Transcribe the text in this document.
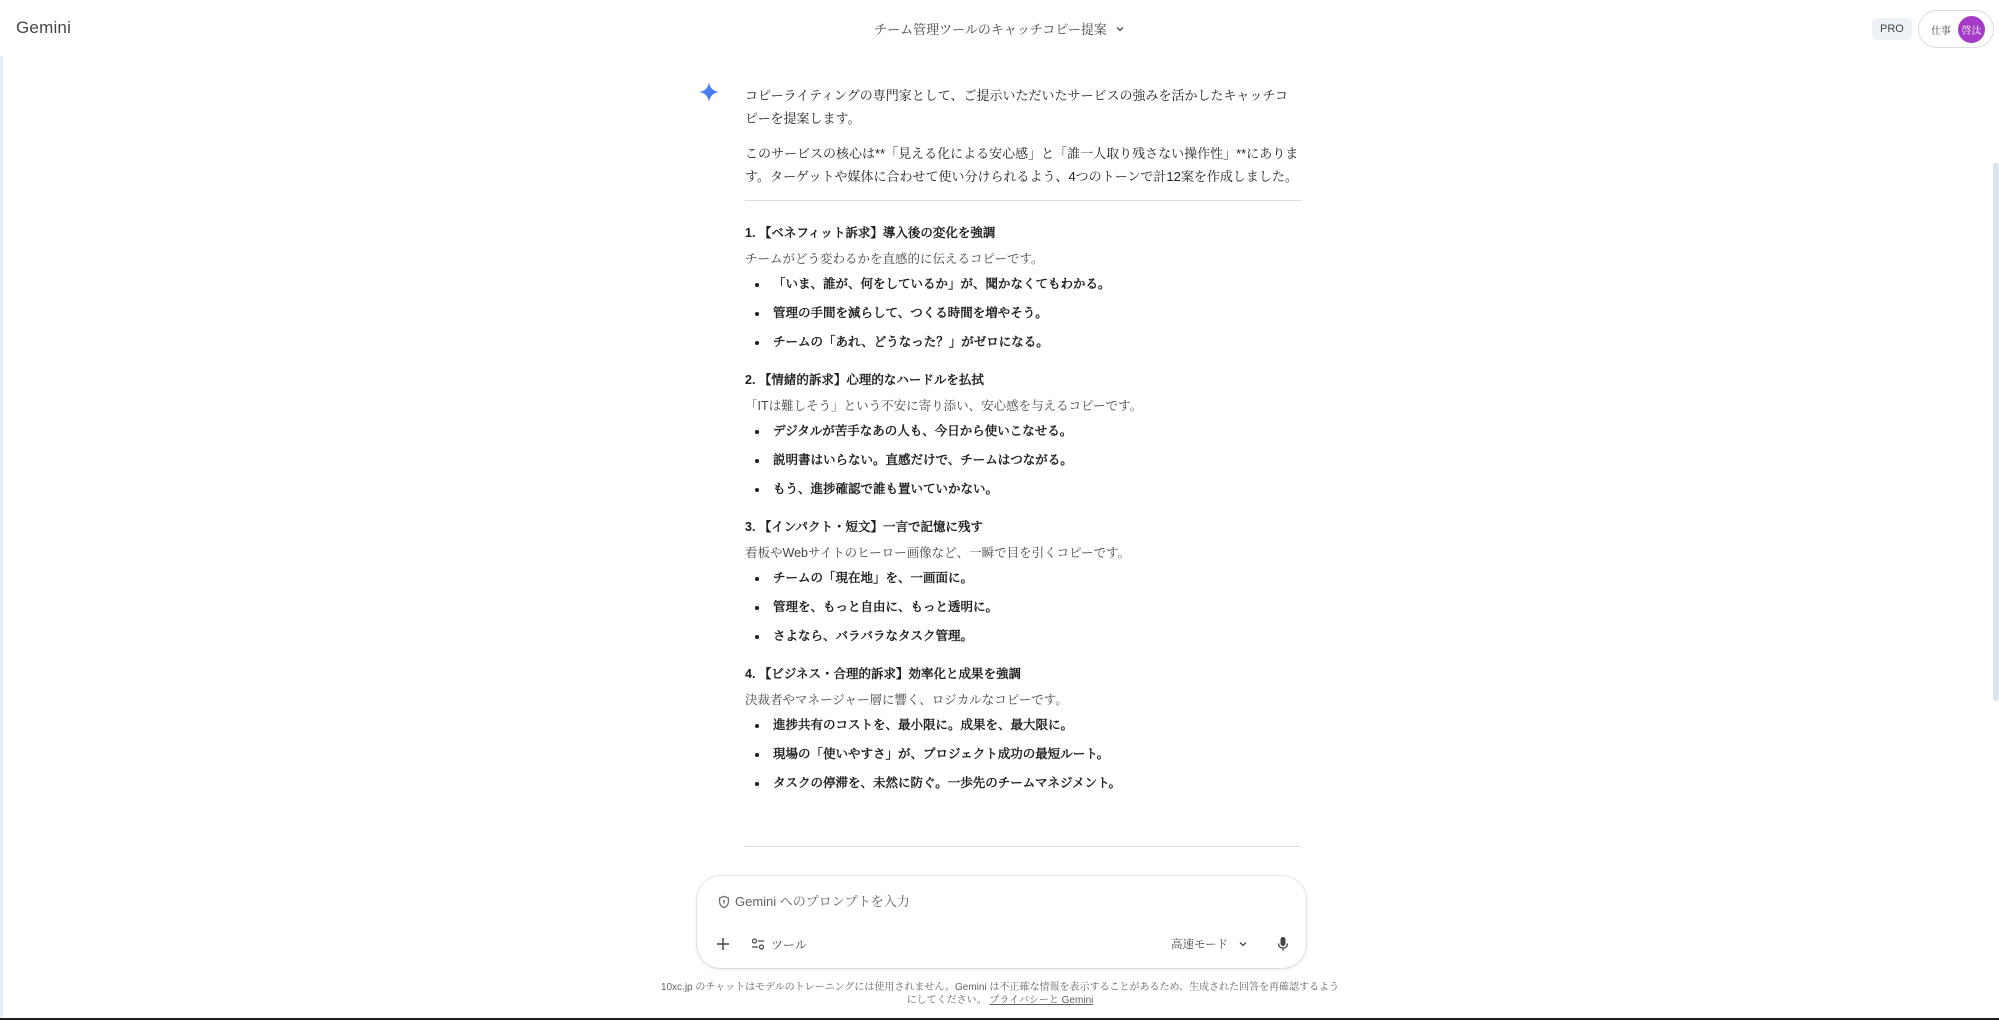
Gemini	チーム管理ツールのキャッチコピー提案	PRO	仕事	啓汰

コピーライティングの専門家として、ご提示いただいたサービスの強みを活かしたキャッチコピーを提案します。

このサービスの核心は**「見える化による安心感」と「誰一人取り残さない操作性」**にあります。ターゲットや媒体に合わせて使い分けられるよう、4つのトーンで計12案を作成しました。

1. 【ベネフィット訴求】導入後の変化を強調
チームがどう変わるかを直感的に伝えるコピーです。
「いま、誰が、何をしているか」が、聞かなくてもわかる。
管理の手間を減らして、つくる時間を増やそう。
チームの「あれ、どうなった？」がゼロになる。
2. 【情緒的訴求】心理的なハードルを払拭
「ITは難しそう」という不安に寄り添い、安心感を与えるコピーです。
デジタルが苦手なあの人も、今日から使いこなせる。
説明書はいらない。直感だけで、チームはつながる。
もう、進捗確認で誰も置いていかない。
3. 【インパクト・短文】一言で記憶に残す
看板やWebサイトのヒーロー画像など、一瞬で目を引くコピーです。
チームの「現在地」を、一画面に。
管理を、もっと自由に、もっと透明に。
さよなら、バラバラなタスク管理。
4. 【ビジネス・合理的訴求】効率化と成果を強調
決裁者やマネージャー層に響く、ロジカルなコピーです。
進捗共有のコストを、最小限に。成果を、最大限に。
現場の「使いやすさ」が、プロジェクト成功の最短ルート。
タスクの停滞を、未然に防ぐ。一歩先のチームマネジメント。
Gemini へのプロンプトを入力
ツール	高速モード
10xc.jp のチャットはモデルのトレーニングには使用されません。Gemini は不正確な情報を表示することがあるため、生成された回答を再確認するようにしてください。 プライバシーと Gemini
